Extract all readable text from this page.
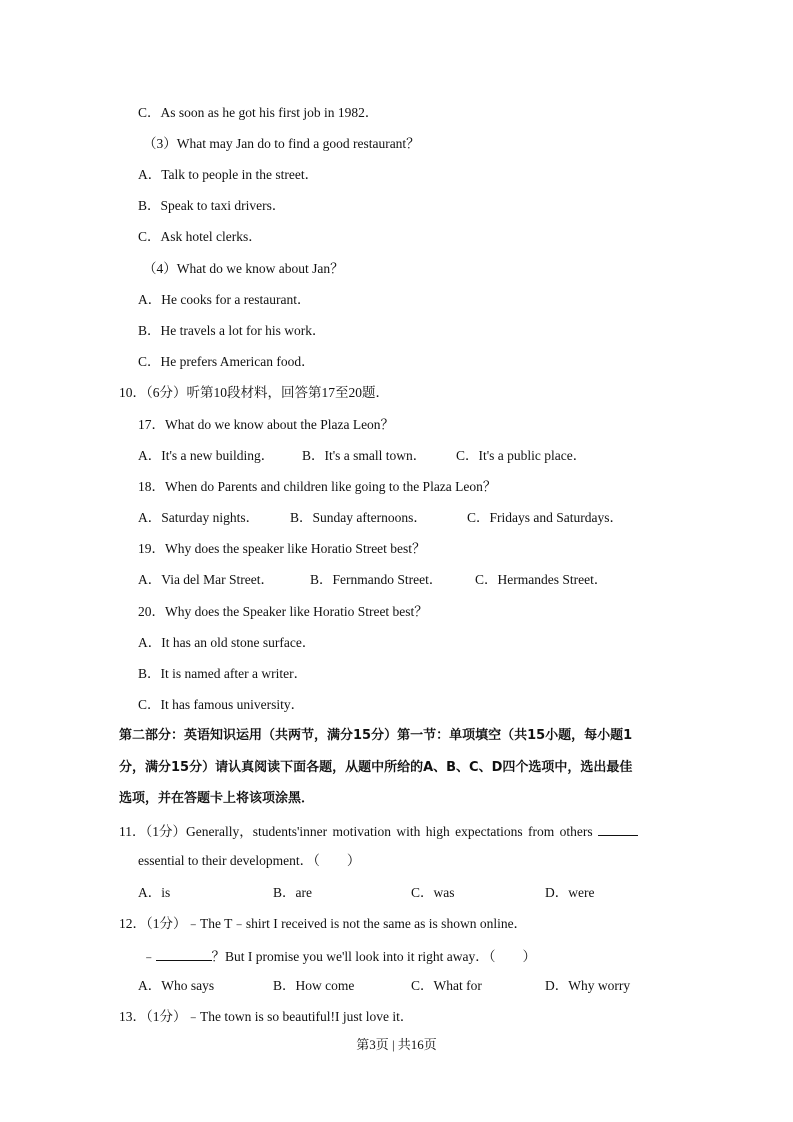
C．As soon as he got his first job in 1982．
（3）What may Jan do to find a good restaurant？
A．Talk to people in the street．
B．Speak to taxi drivers．
C．Ask hotel clerks．
（4）What do we know about Jan？
A．He cooks for a restaurant．
B．He travels a lot for his work．
C．He prefers American food．
10．（6分）听第10段材料，回答第17至20题．
17．What do we know about the Plaza Leon？
A．It's a new building． B．It's a small town． C．It's a public place．
18．When do Parents and children like going to the Plaza Leon？
A．Saturday nights． B．Sunday afternoons．	C．Fridays and Saturdays．
19．Why does the speaker like Horatio Street best？
A．Via del Mar Street．	B．Fernmando Street． C．Hermandes Street．
20．Why does the Speaker like Horatio Street best？
A．It has an old stone surface．
B．It is named after a writer．
C．It has famous university．
第二部分：英语知识运用（共两节，满分15分）第一节：单项填空（共15小题，每小题1
分，满分15分）请认真阅读下面各题，从题中所给的A、B、C、D四个选项中，选出最佳
选项，并在答题卡上将该项涂黑．
11．（1分）Generally，students'inner motivation with high expectations from others
essential to their development．（　　）
A．is	B．are	C．was	D．were
12．（1分）﹣The T﹣shirt I received is not the same as is shown online．
﹣	？But I promise you we'll look into it right away．（　　）
A．Who says	B．How come	C．What for	D．Why worry
13．（1分）﹣The town is so beautiful!I just love it．
第3页 | 共16页
